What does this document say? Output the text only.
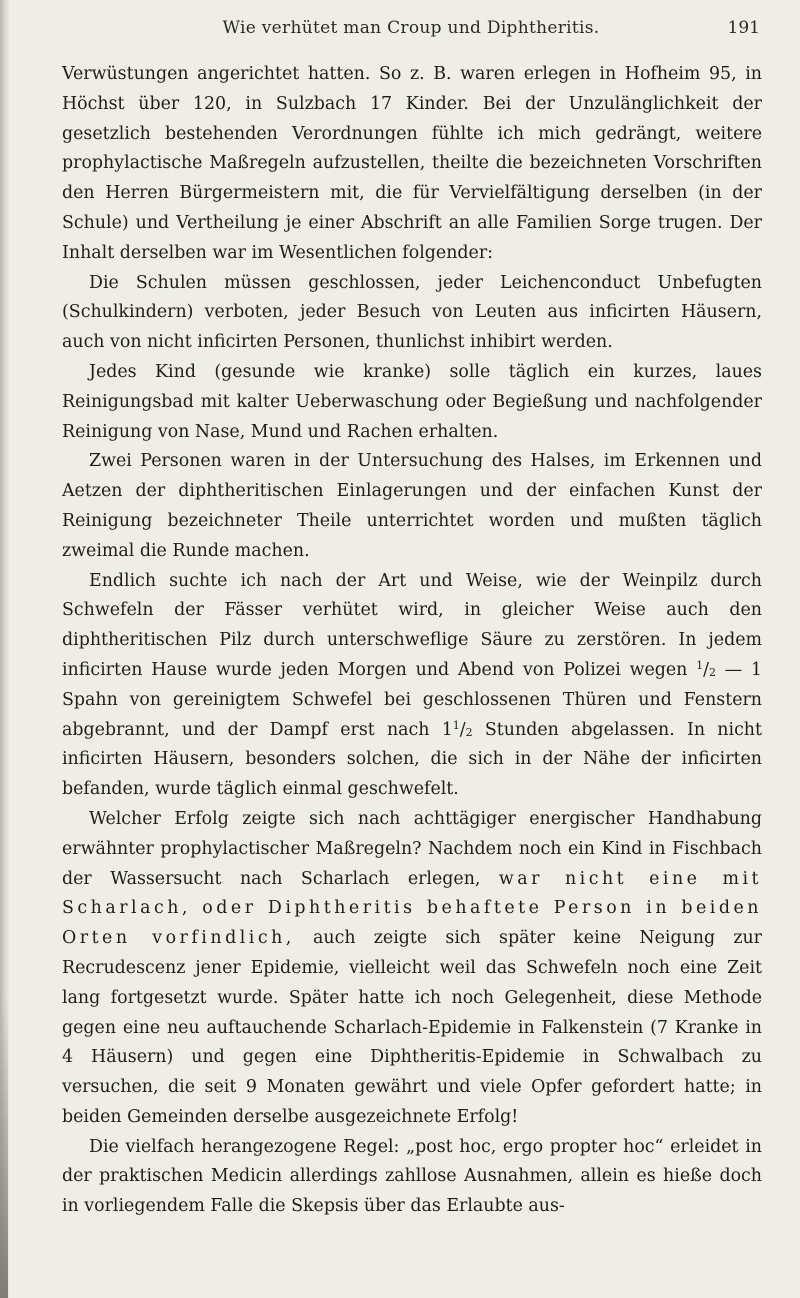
Wie verhütet man Croup und Diphtheritis.	191

Verwüstungen angerichtet hatten. So z. B. waren erlegen in Hofheim 95, in Höchst über 120, in Sulzbach 17 Kinder. Bei der Unzulänglichkeit der gesetzlich bestehenden Verordnungen fühlte ich mich gedrängt, weitere prophylactische Maßregeln aufzustellen, theilte die bezeichneten Vorschriften den Herren Bürgermeistern mit, die für Vervielfältigung derselben (in der Schule) und Vertheilung je einer Abschrift an alle Familien Sorge trugen. Der Inhalt derselben war im Wesentlichen folgender:

Die Schulen müssen geschlossen, jeder Leichenconduct Unbefugten (Schulkindern) verboten, jeder Besuch von Leuten aus inficirten Häusern, auch von nicht inficirten Personen, thunlichst inhibirt werden.

Jedes Kind (gesunde wie kranke) solle täglich ein kurzes, laues Reinigungsbad mit kalter Ueberwaschung oder Begießung und nachfolgender Reinigung von Nase, Mund und Rachen erhalten.

Zwei Personen waren in der Untersuchung des Halses, im Erkennen und Aetzen der diphtheritischen Einlagerungen und der einfachen Kunst der Reinigung bezeichneter Theile unterrichtet worden und mußten täglich zweimal die Runde machen.

Endlich suchte ich nach der Art und Weise, wie der Weinpilz durch Schwefeln der Fässer verhütet wird, in gleicher Weise auch den diphtheritischen Pilz durch unterschweflige Säure zu zerstören. In jedem inficirten Hause wurde jeden Morgen und Abend von Polizei wegen $^1/_2$ — 1 Spahn von gereinigtem Schwefel bei geschlossenen Thüren und Fenstern abgebrannt, und der Dampf erst nach $1^1/_2$ Stunden abgelassen. In nicht inficirten Häusern, besonders solchen, die sich in der Nähe der inficirten befanden, wurde täglich einmal geschwefelt.

Welcher Erfolg zeigte sich nach achttägiger energischer Handhabung erwähnter prophylactischer Maßregeln? Nachdem noch ein Kind in Fischbach der Wassersucht nach Scharlach erlegen, war nicht eine mit Scharlach, oder Diphtheritis behaftete Person in beiden Orten vorfindlich, auch zeigte sich später keine Neigung zur Recrudescenz jener Epidemie, vielleicht weil das Schwefeln noch eine Zeit lang fortgesetzt wurde. Später hatte ich noch Gelegenheit, diese Methode gegen eine neu auftauchende Scharlach-Epidemie in Falkenstein (7 Kranke in 4 Häusern) und gegen eine Diphtheritis-Epidemie in Schwalbach zu versuchen, die seit 9 Monaten gewährt und viele Opfer gefordert hatte; in beiden Gemeinden derselbe ausgezeichnete Erfolg!

Die vielfach herangezogene Regel: „post hoc, ergo propter hoc“ erleidet in der praktischen Medicin allerdings zahllose Ausnahmen, allein es hieße doch in vorliegendem Falle die Skepsis über das Erlaubte aus-
